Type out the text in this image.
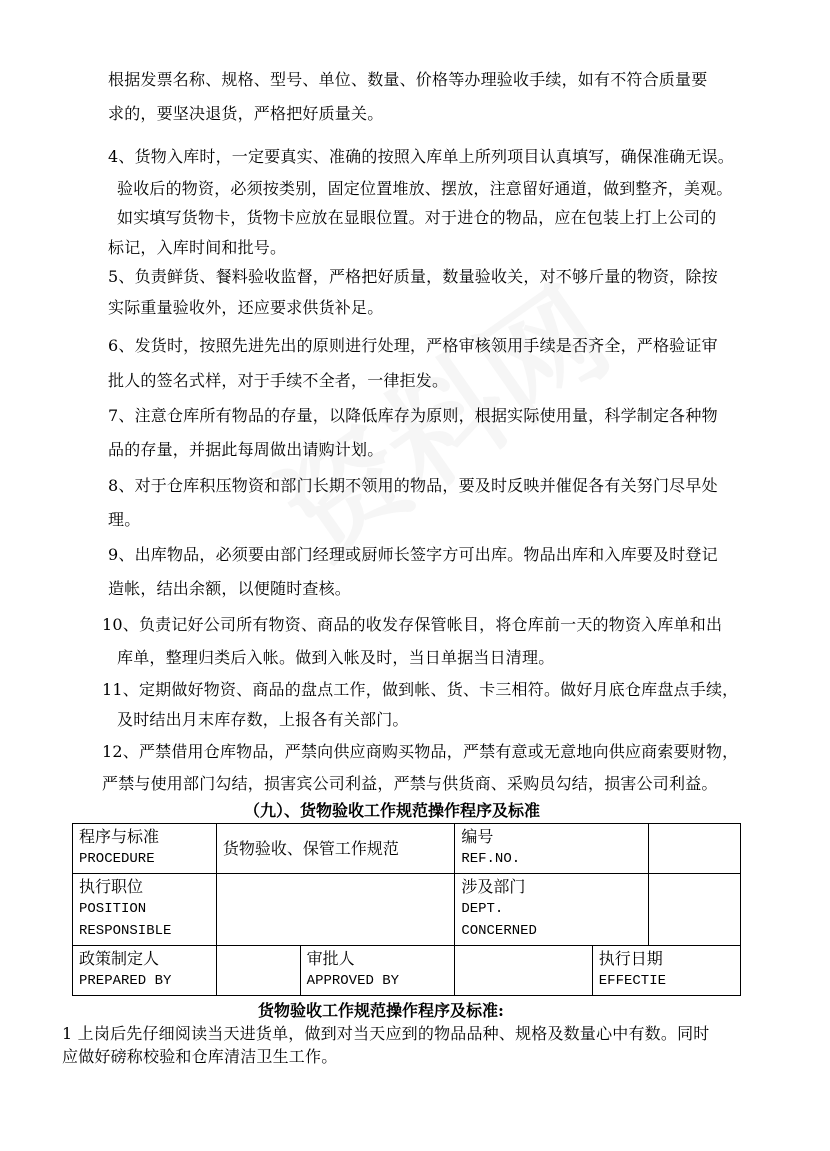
根据发票名称、规格、型号、单位、数量、价格等办理验收手续，如有不符合质量要
求的，要坚决退货，严格把好质量关。
4、货物入库时，一定要真实、准确的按照入库单上所列项目认真填写，确保准确无误。
验收后的物资，必须按类别，固定位置堆放、摆放，注意留好通道，做到整齐，美观。
如实填写货物卡，货物卡应放在显眼位置。对于进仓的物品，应在包装上打上公司的
标记，入库时间和批号。
5、负责鲜货、餐料验收监督，严格把好质量，数量验收关，对不够斤量的物资，除按
实际重量验收外，还应要求供货补足。
6、发货时，按照先进先出的原则进行处理，严格审核领用手续是否齐全，严格验证审
批人的签名式样，对于手续不全者，一律拒发。
7、注意仓库所有物品的存量，以降低库存为原则，根据实际使用量，科学制定各种物
品的存量，并据此每周做出请购计划。
8、对于仓库积压物资和部门长期不领用的物品，要及时反映并催促各有关努门尽早处
理。
9、出库物品，必须要由部门经理或厨师长签字方可出库。物品出库和入库要及时登记
造帐，结出余额，以便随时查核。
10、负责记好公司所有物资、商品的收发存保管帐目，将仓库前一天的物资入库单和出
库单，整理归类后入帐。做到入帐及时，当日单据当日清理。
11、定期做好物资、商品的盘点工作，做到帐、货、卡三相符。做好月底仓库盘点手续，
及时结出月末库存数，上报各有关部门。
12、严禁借用仓库物品，严禁向供应商购买物品，严禁有意或无意地向供应商索要财物，
严禁与使用部门勾结，损害宾公司利益，严禁与供货商、采购员勾结，损害公司利益。
（九）、货物验收工作规范操作程序及标准
程序与标准
PROCEDURE	货物验收、保管工作规范		编号
REF.NO.		

执行职位
POSITION
RESPONSIBLE			涉及部门
DEPT.
CONCERNED		

政策制定人
PREPARED BY		审批人
APPROVED BY		执行日期
EFFECTIE	
货物验收工作规范操作程序及标准:
1 上岗后先仔细阅读当天进货单，做到对当天应到的物品品种、规格及数量心中有数。同时
应做好磅称校验和仓库清洁卫生工作。
